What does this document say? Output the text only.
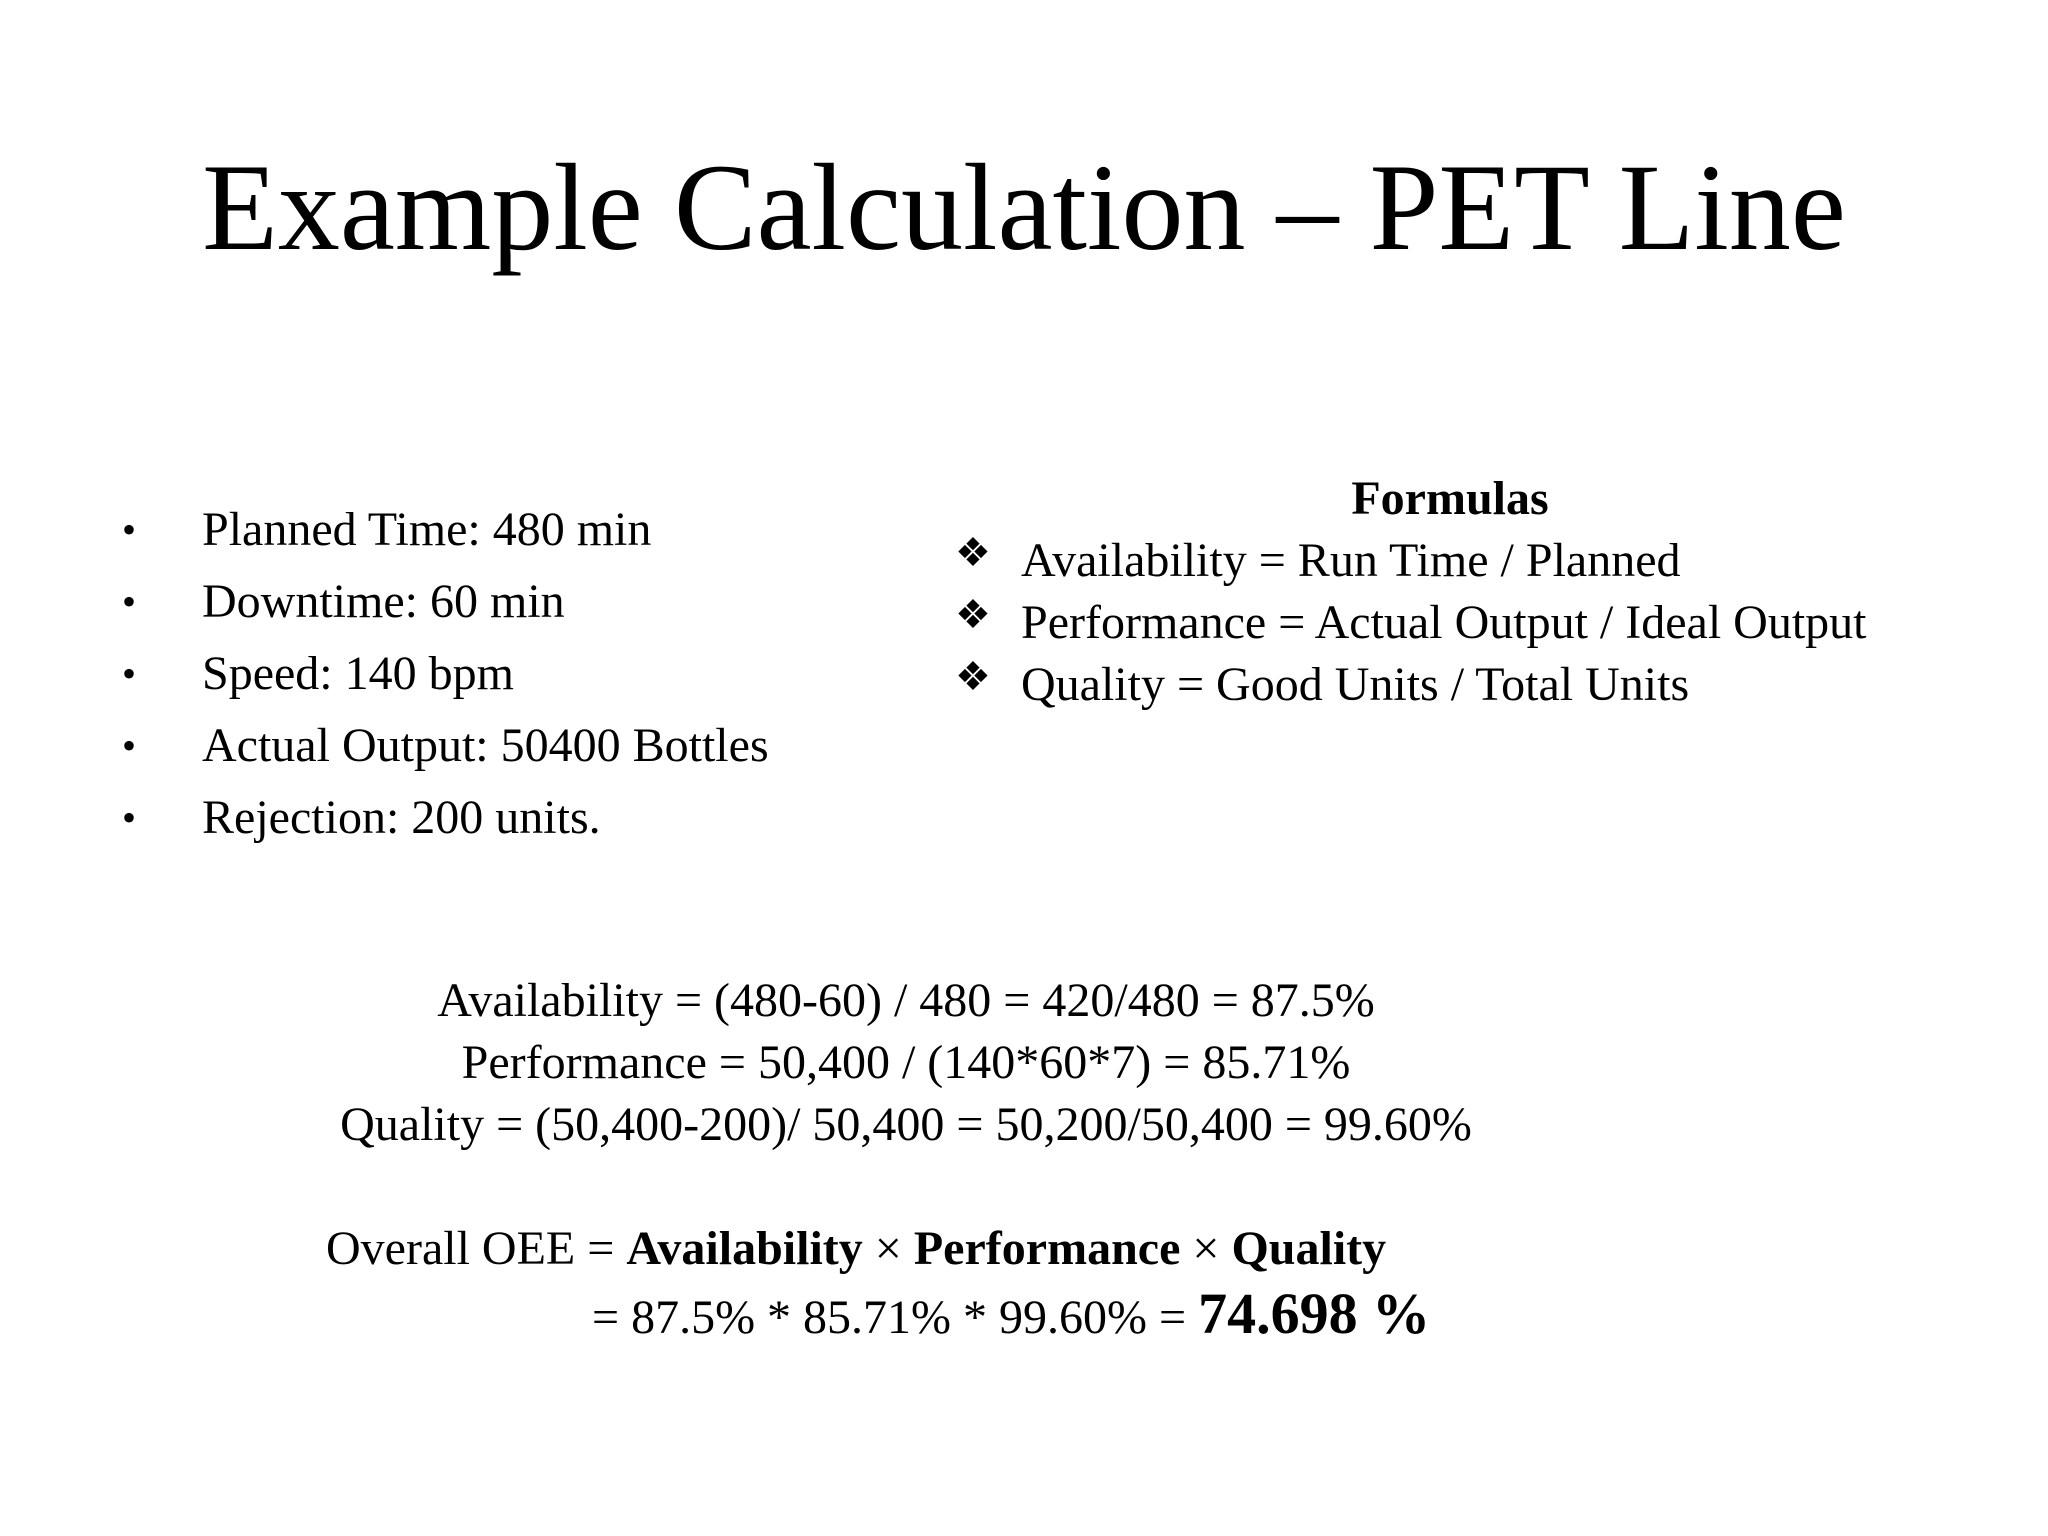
Example Calculation – PET Line
• Planned Time: 480 min
• Downtime: 60 min
• Speed: 140 bpm
• Actual Output: 50400 Bottles
• Rejection: 200 units.
Formulas
❖ Availability = Run Time / Planned
❖ Performance = Actual Output / Ideal Output
❖ Quality = Good Units / Total Units
Availability = (480-60) / 480 = 420/480 = 87.5%
Performance = 50,400 / (140*60*7) = 85.71%
Quality = (50,400-200)/ 50,400 = 50,200/50,400 = 99.60%
Overall OEE = Availability × Performance × Quality
= 87.5% * 85.71% * 99.60% = 74.698 %
